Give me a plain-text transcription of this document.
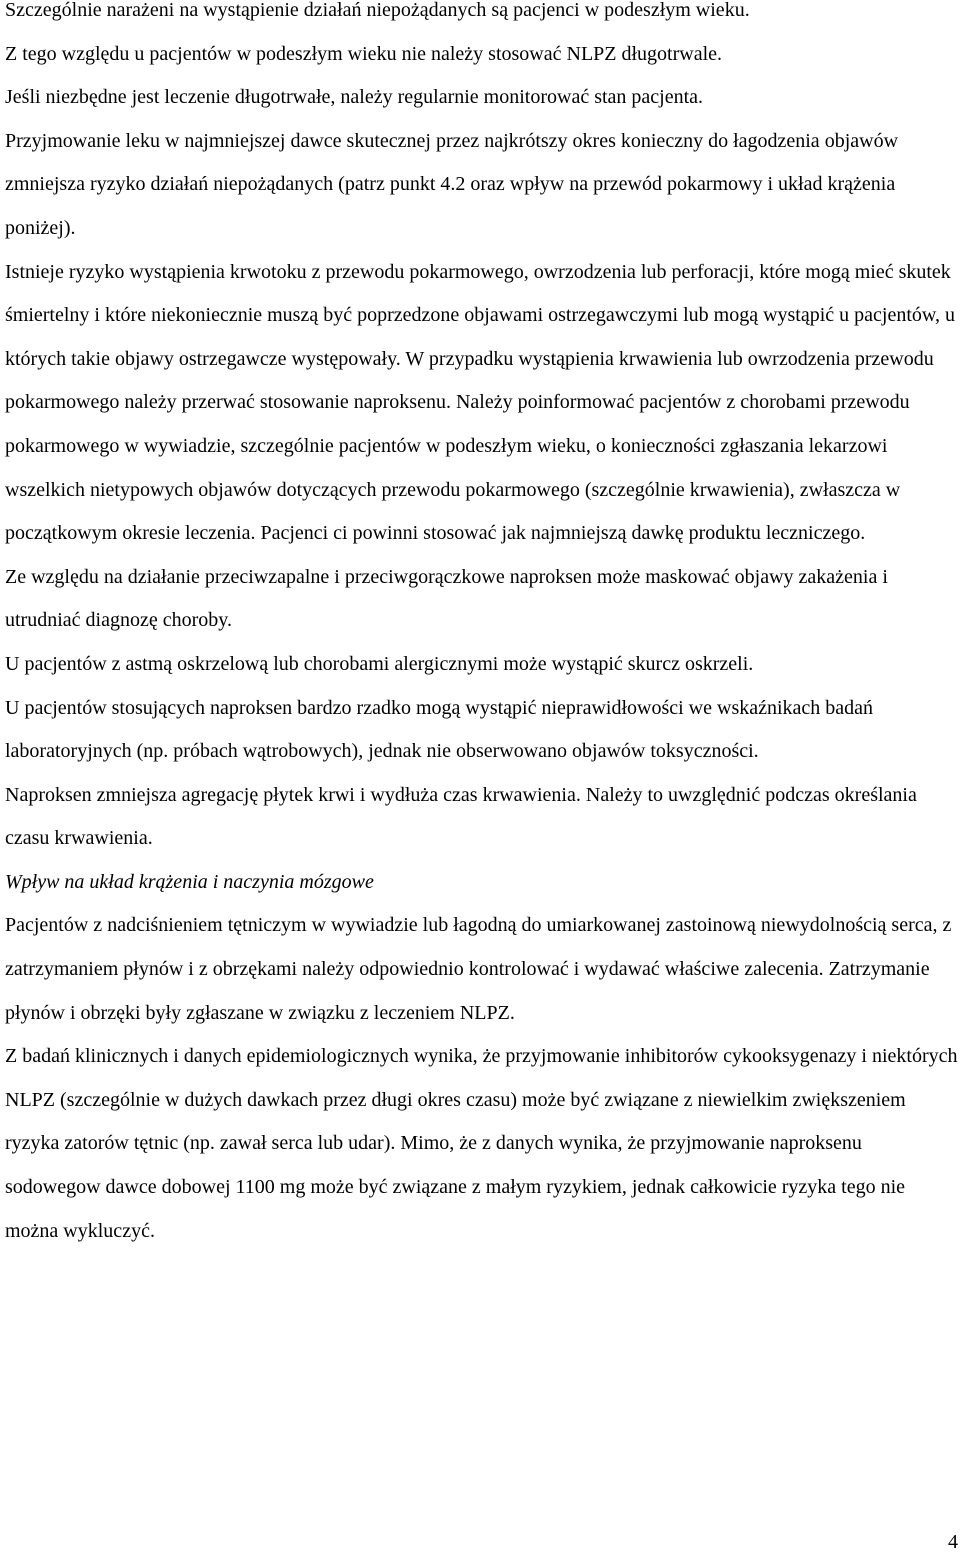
Szczególnie narażeni na wystąpienie działań niepożądanych są pacjenci w podeszłym wieku.

Z tego względu u pacjentów w podeszłym wieku nie należy stosować NLPZ długotrwale.

Jeśli niezbędne jest leczenie długotrwałe, należy regularnie monitorować stan pacjenta.

Przyjmowanie leku w najmniejszej dawce skutecznej przez najkrótszy okres konieczny do łagodzenia objawów zmniejsza ryzyko działań niepożądanych (patrz punkt 4.2 oraz wpływ na przewód pokarmowy i układ krążenia poniżej).

Istnieje ryzyko wystąpienia krwotoku z przewodu pokarmowego, owrzodzenia lub perforacji, które mogą mieć skutek śmiertelny i które niekoniecznie muszą być poprzedzone objawami ostrzegawczymi lub mogą wystąpić u pacjentów, u których takie objawy ostrzegawcze występowały. W przypadku wystąpienia krwawienia lub owrzodzenia przewodu pokarmowego należy przerwać stosowanie naproksenu. Należy poinformować pacjentów z chorobami przewodu pokarmowego w wywiadzie, szczególnie pacjentów w podeszłym wieku, o konieczności zgłaszania lekarzowi wszelkich nietypowych objawów dotyczących przewodu pokarmowego (szczególnie krwawienia), zwłaszcza w początkowym okresie leczenia. Pacjenci ci powinni stosować jak najmniejszą dawkę produktu leczniczego.

Ze względu na działanie przeciwzapalne i przeciwgorączkowe naproksen może maskować objawy zakażenia i utrudniać diagnozę choroby.

U pacjentów z astmą oskrzelową lub chorobami alergicznymi może wystąpić skurcz oskrzeli.

U pacjentów stosujących naproksen bardzo rzadko mogą wystąpić nieprawidłowości we wskaźnikach badań laboratoryjnych (np. próbach wątrobowych), jednak nie obserwowano objawów toksyczności.

Naproksen zmniejsza agregację płytek krwi i wydłuża czas krwawienia. Należy to uwzględnić podczas określania czasu krwawienia.

Wpływ na układ krążenia i naczynia mózgowe

Pacjentów z nadciśnieniem tętniczym w wywiadzie lub łagodną do umiarkowanej zastoinową niewydolnością serca, z zatrzymaniem płynów i z obrzękami należy odpowiednio kontrolować i wydawać właściwe zalecenia. Zatrzymanie płynów i obrzęki były zgłaszane w związku z leczeniem NLPZ.

Z badań klinicznych i danych epidemiologicznych wynika, że przyjmowanie inhibitorów cykooksygenazy i niektórych NLPZ (szczególnie w dużych dawkach przez długi okres czasu) może być związane z niewielkim zwiększeniem ryzyka zatorów tętnic (np. zawał serca lub udar). Mimo, że z danych wynika, że przyjmowanie naproksenu sodowegow dawce dobowej 1100 mg może być związane z małym ryzykiem, jednak całkowicie ryzyka tego nie można wykluczyć.

4
